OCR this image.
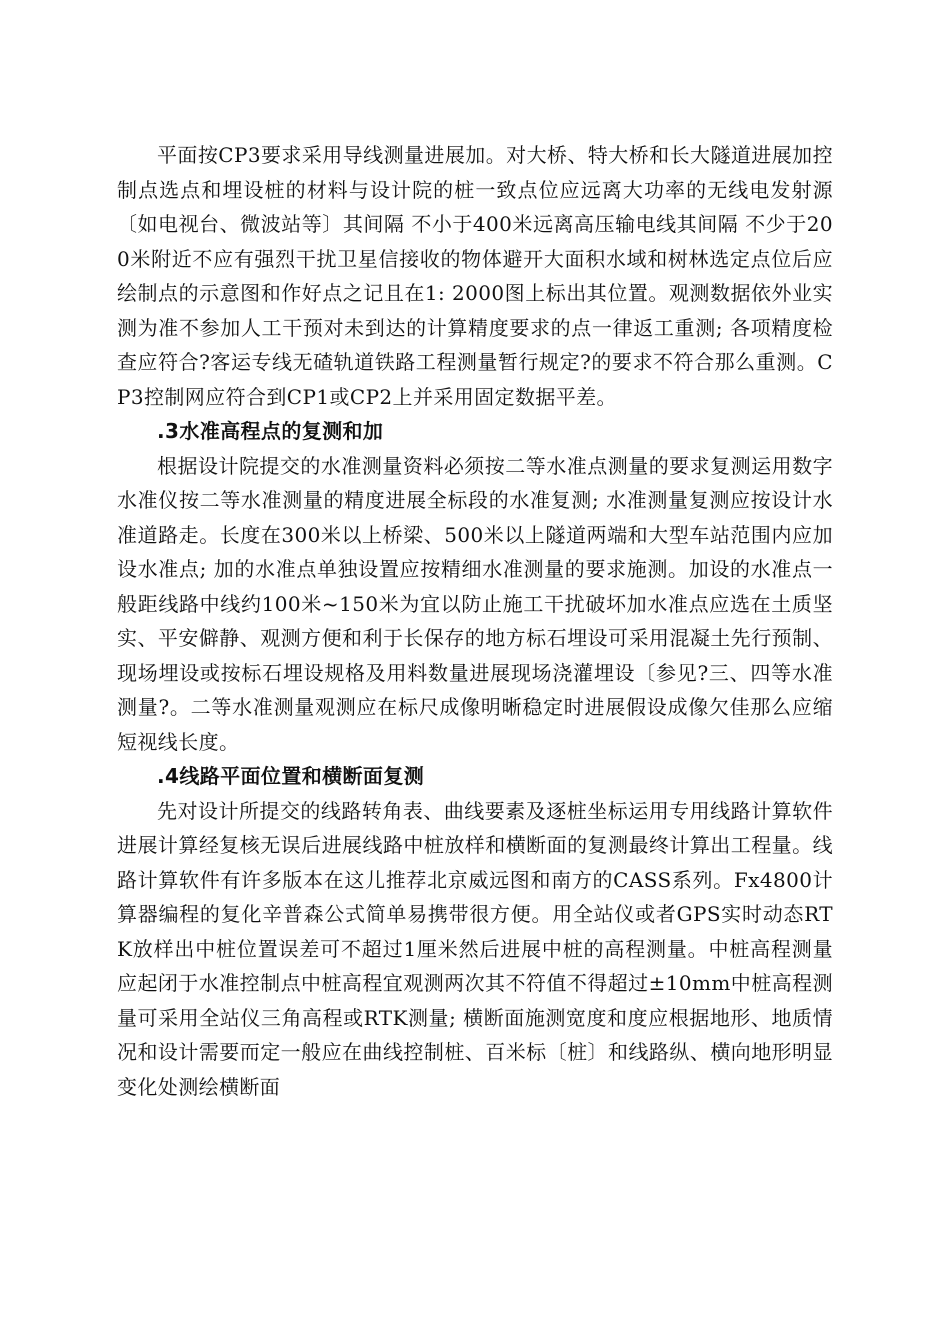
平面按CP3要求采用导线测量进展加。对大桥、特大桥和长大隧道进展加控制点选点和埋设桩的材料与设计院的桩一致点位应远离大功率的无线电发射源〔如电视台、微波站等〕其间隔 不小于400米远离高压输电线其间隔 不少于200米附近不应有强烈干扰卫星信接收的物体避开大面积水域和树林选定点位后应绘制点的示意图和作好点之记且在1: 2000图上标出其位置。观测数据依外业实测为准不参加人工干预对未到达的计算精度要求的点一律返工重测; 各项精度检查应符合?客运专线无碴轨道铁路工程测量暂行规定?的要求不符合那么重测。CP3控制网应符合到CP1或CP2上并采用固定数据平差。

.3水准高程点的复测和加

根据设计院提交的水准测量资料必须按二等水准点测量的要求复测运用数字水准仪按二等水准测量的精度进展全标段的水准复测; 水准测量复测应按设计水准道路走。长度在300米以上桥梁、500米以上隧道两端和大型车站范围内应加设水准点; 加的水准点单独设置应按精细水准测量的要求施测。加设的水准点一般距线路中线约100米~150米为宜以防止施工干扰破坏加水准点应选在土质坚实、平安僻静、观测方便和利于长保存的地方标石埋设可采用混凝土先行预制、现场埋设或按标石埋设规格及用料数量进展现场浇灌埋设〔参见?三、四等水准测量?。二等水准测量观测应在标尺成像明晰稳定时进展假设成像欠佳那么应缩短视线长度。

.4线路平面位置和横断面复测

先对设计所提交的线路转角表、曲线要素及逐桩坐标运用专用线路计算软件进展计算经复核无误后进展线路中桩放样和横断面的复测最终计算出工程量。线路计算软件有许多版本在这儿推荐北京威远图和南方的CASS系列。Fx4800计算器编程的复化辛普森公式简单易携带很方便。用全站仪或者GPS实时动态RTK放样出中桩位置误差可不超过1厘米然后进展中桩的高程测量。中桩高程测量应起闭于水准控制点中桩高程宜观测两次其不符值不得超过±10mm中桩高程测量可采用全站仪三角高程或RTK测量; 横断面施测宽度和度应根据地形、地质情况和设计需要而定一般应在曲线控制桩、百米标〔桩〕和线路纵、横向地形明显变化处测绘横断面
